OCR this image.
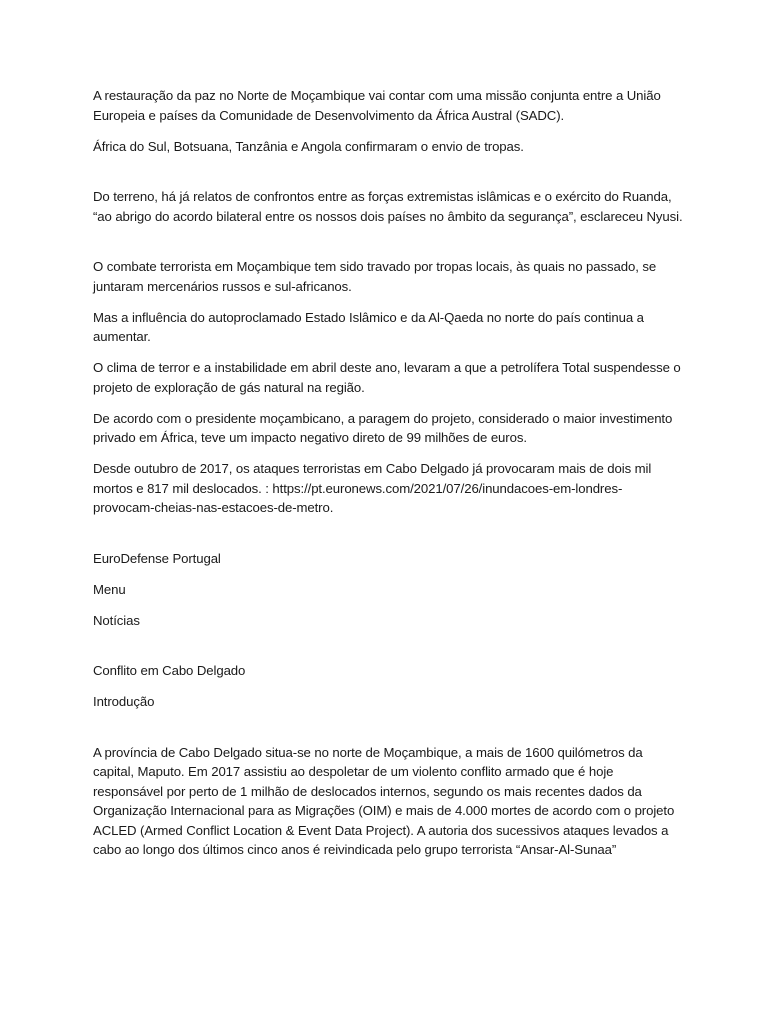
A restauração da paz no Norte de Moçambique vai contar com uma missão conjunta entre a União Europeia e países da Comunidade de Desenvolvimento da África Austral (SADC).

África do Sul, Botsuana, Tanzânia e Angola confirmaram o envio de tropas.

Do terreno, há já relatos de confrontos entre as forças extremistas islâmicas e o exército do Ruanda, “ao abrigo do acordo bilateral entre os nossos dois países no âmbito da segurança”, esclareceu Nyusi.

O combate terrorista em Moçambique tem sido travado por tropas locais, às quais no passado, se juntaram mercenários russos e sul-africanos.

Mas a influência do autoproclamado Estado Islâmico e da Al-Qaeda no norte do país continua a aumentar.

O clima de terror e a instabilidade em abril deste ano, levaram a que a petrolífera Total suspendesse o projeto de exploração de gás natural na região.

De acordo com o presidente moçambicano, a paragem do projeto, considerado o maior investimento privado em África, teve um impacto negativo direto de 99 milhões de euros.

Desde outubro de 2017, os ataques terroristas em Cabo Delgado já provocaram mais de dois mil mortos e 817 mil deslocados. : https://pt.euronews.com/2021/07/26/inundacoes-em-londres-provocam-cheias-nas-estacoes-de-metro.

EuroDefense Portugal

Menu

Notícias

Conflito em Cabo Delgado

Introdução

A província de Cabo Delgado situa-se no norte de Moçambique, a mais de 1600 quilómetros da capital, Maputo. Em 2017 assistiu ao despoletar de um violento conflito armado que é hoje responsável por perto de 1 milhão de deslocados internos, segundo os mais recentes dados da Organização Internacional para as Migrações (OIM) e mais de 4.000 mortes de acordo com o projeto ACLED (Armed Conflict Location & Event Data Project). A autoria dos sucessivos ataques levados a cabo ao longo dos últimos cinco anos é reivindicada pelo grupo terrorista “Ansar-Al-Sunaa”
